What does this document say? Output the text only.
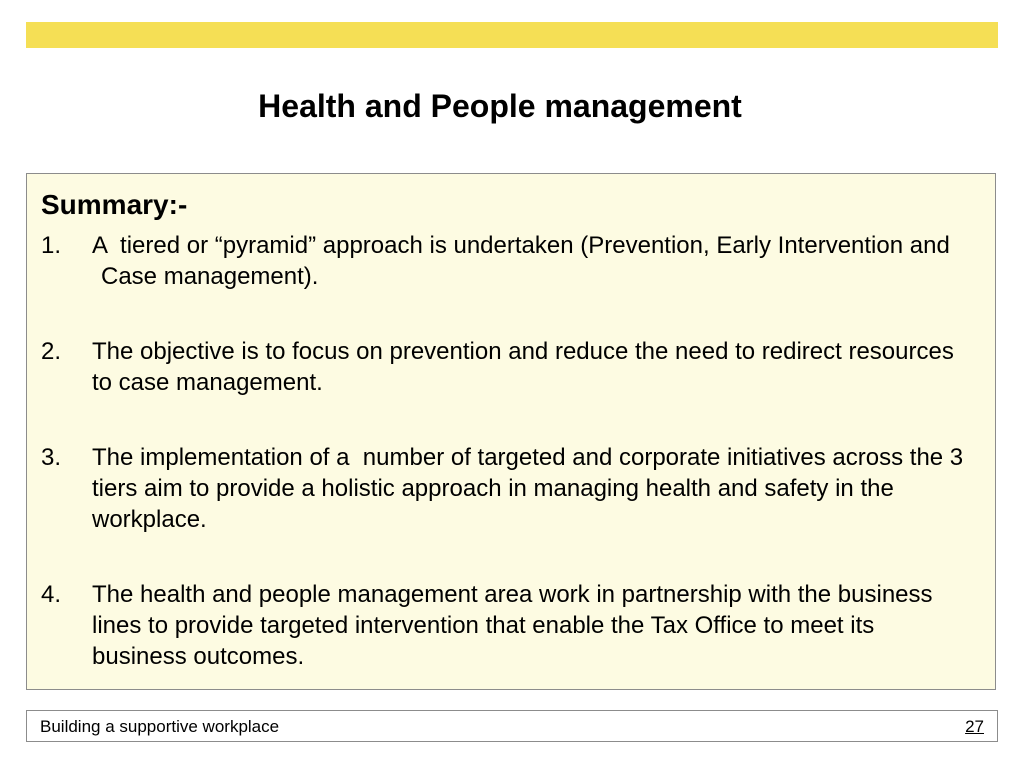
Health and People management
Summary:-
1. A  tiered or “pyramid” approach is undertaken (Prevention, Early Intervention and Case management).
2. The objective is to focus on prevention and reduce the need to redirect resources to case management.
3. The implementation of a  number of targeted and corporate initiatives across the 3 tiers aim to provide a holistic approach in managing health and safety in the workplace.
4. The health and people management area work in partnership with the business lines to provide targeted intervention that enable the Tax Office to meet its business outcomes.
Building a supportive workplace	27
